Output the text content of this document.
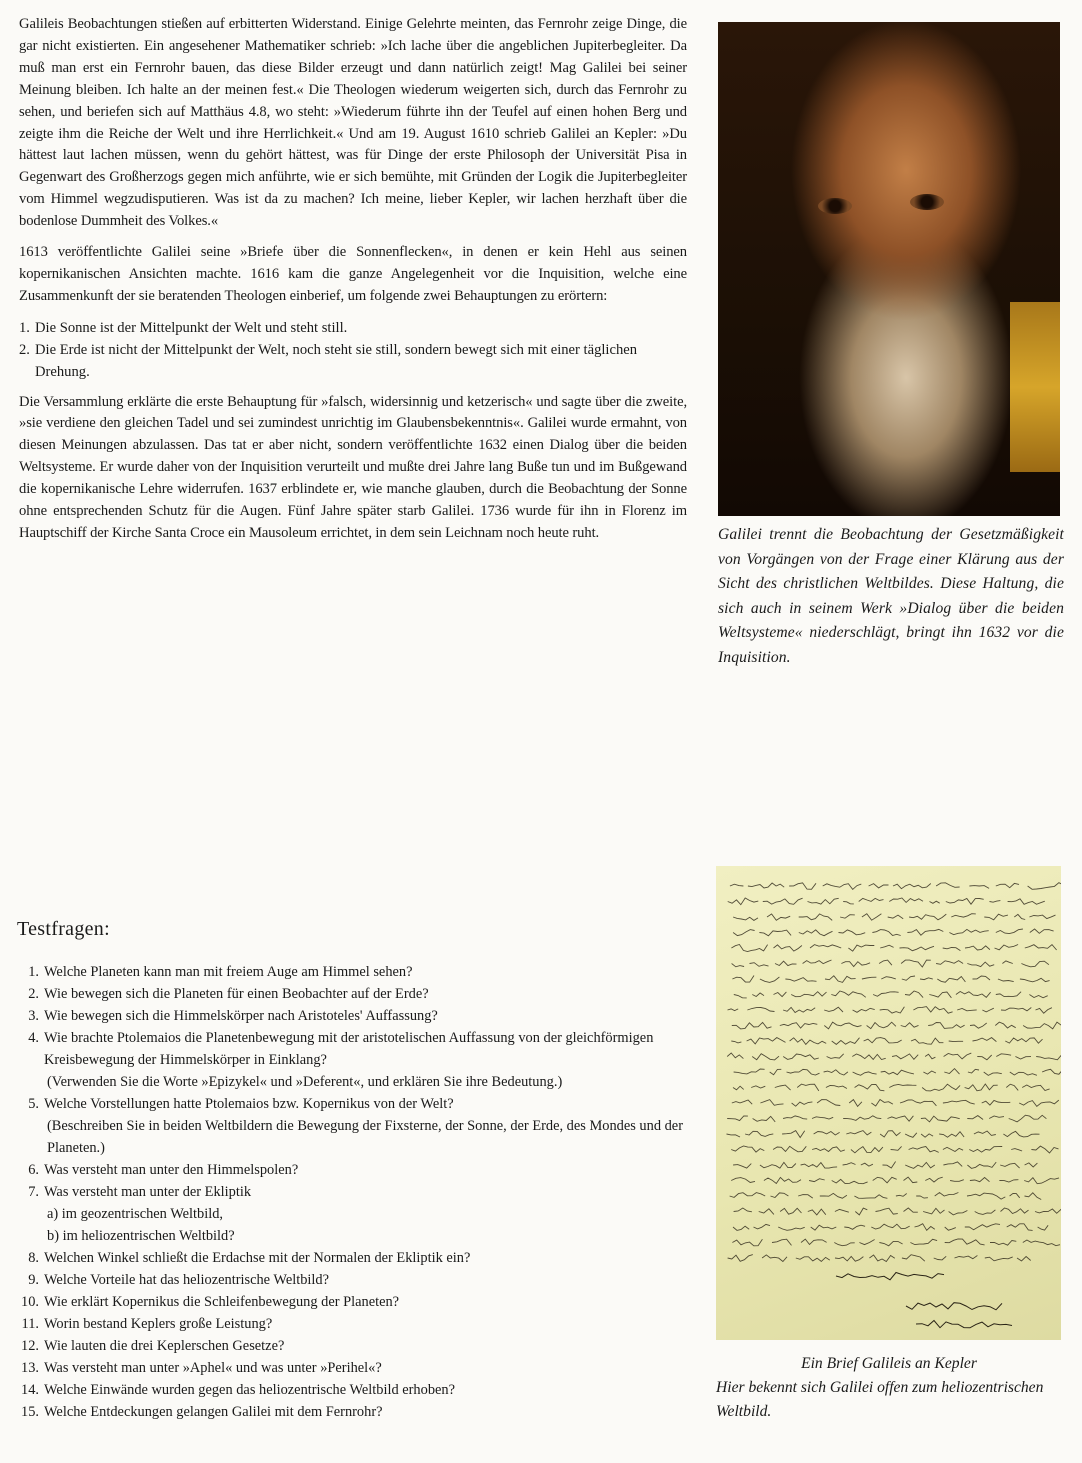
Galileis Beobachtungen stießen auf erbitterten Widerstand. Einige Gelehrte meinten, das Fernrohr zeige Dinge, die gar nicht existierten. Ein angesehener Mathematiker schrieb: »Ich lache über die angeblichen Jupiterbegleiter. Da muß man erst ein Fernrohr bauen, das diese Bilder erzeugt und dann natürlich zeigt! Mag Galilei bei seiner Meinung bleiben. Ich halte an der meinen fest.« Die Theologen wiederum weigerten sich, durch das Fernrohr zu sehen, und beriefen sich auf Matthäus 4.8, wo steht: »Wiederum führte ihn der Teufel auf einen hohen Berg und zeigte ihm die Reiche der Welt und ihre Herrlichkeit.« Und am 19. August 1610 schrieb Galilei an Kepler: »Du hättest laut lachen müssen, wenn du gehört hättest, was für Dinge der erste Philosoph der Universität Pisa in Gegenwart des Großherzogs gegen mich anführte, wie er sich bemühte, mit Gründen der Logik die Jupiterbegleiter vom Himmel wegzudisputieren. Was ist da zu machen? Ich meine, lieber Kepler, wir lachen herzhaft über die bodenlose Dummheit des Volkes.«

1613 veröffentlichte Galilei seine »Briefe über die Sonnenflecken«, in denen er kein Hehl aus seinen kopernikanischen Ansichten machte. 1616 kam die ganze Angelegenheit vor die Inquisition, welche eine Zusammenkunft der sie beratenden Theologen einberief, um folgende zwei Behauptungen zu erörtern:

1. Die Sonne ist der Mittelpunkt der Welt und steht still.
2. Die Erde ist nicht der Mittelpunkt der Welt, noch steht sie still, sondern bewegt sich mit einer täglichen Drehung.

Die Versammlung erklärte die erste Behauptung für »falsch, widersinnig und ketzerisch« und sagte über die zweite, »sie verdiene den gleichen Tadel und sei zumindest unrichtig im Glaubensbekenntnis«. Galilei wurde ermahnt, von diesen Meinungen abzulassen. Das tat er aber nicht, sondern veröffentlichte 1632 einen Dialog über die beiden Weltsysteme. Er wurde daher von der Inquisition verurteilt und mußte drei Jahre lang Buße tun und im Bußgewand die kopernikanische Lehre widerrufen. 1637 erblindete er, wie manche glauben, durch die Beobachtung der Sonne ohne entsprechenden Schutz für die Augen. Fünf Jahre später starb Galilei. 1736 wurde für ihn in Florenz im Hauptschiff der Kirche Santa Croce ein Mausoleum errichtet, in dem sein Leichnam noch heute ruht.	Galilei trennt die Beobachtung der Gesetzmäßigkeit von Vorgängen von der Frage einer Klärung aus der Sicht des christlichen Weltbildes. Diese Haltung, die sich auch in seinem Werk »Dialog über die beiden Weltsysteme« niederschlägt, bringt ihn 1632 vor die Inquisition.
Testfragen:
1. Welche Planeten kann man mit freiem Auge am Himmel sehen?
2. Wie bewegen sich die Planeten für einen Beobachter auf der Erde?
3. Wie bewegen sich die Himmelskörper nach Aristoteles' Auffassung?
4. Wie brachte Ptolemaios die Planetenbewegung mit der aristotelischen Auffassung von der gleichförmigen Kreisbewegung der Himmelskörper in Einklang?
(Verwenden Sie die Worte »Epizykel« und »Deferent«, und erklären Sie ihre Bedeutung.)
5. Welche Vorstellungen hatte Ptolemaios bzw. Kopernikus von der Welt?
(Beschreiben Sie in beiden Weltbildern die Bewegung der Fixsterne, der Sonne, der Erde, des Mondes und der Planeten.)
6. Was versteht man unter den Himmelspolen?
7. Was versteht man unter der Ekliptik
a) im geozentrischen Weltbild,
b) im heliozentrischen Weltbild?
8. Welchen Winkel schließt die Erdachse mit der Normalen der Ekliptik ein?
9. Welche Vorteile hat das heliozentrische Weltbild?
10. Wie erklärt Kopernikus die Schleifenbewegung der Planeten?
11. Worin bestand Keplers große Leistung?
12. Wie lauten die drei Keplerschen Gesetze?
13. Was versteht man unter »Aphel« und was unter »Perihel«?
14. Welche Einwände wurden gegen das heliozentrische Weltbild erhoben?
15. Welche Entdeckungen gelangen Galilei mit dem Fernrohr?
Ein Brief Galileis an Kepler
Hier bekennt sich Galilei offen zum heliozentrischen Weltbild.
